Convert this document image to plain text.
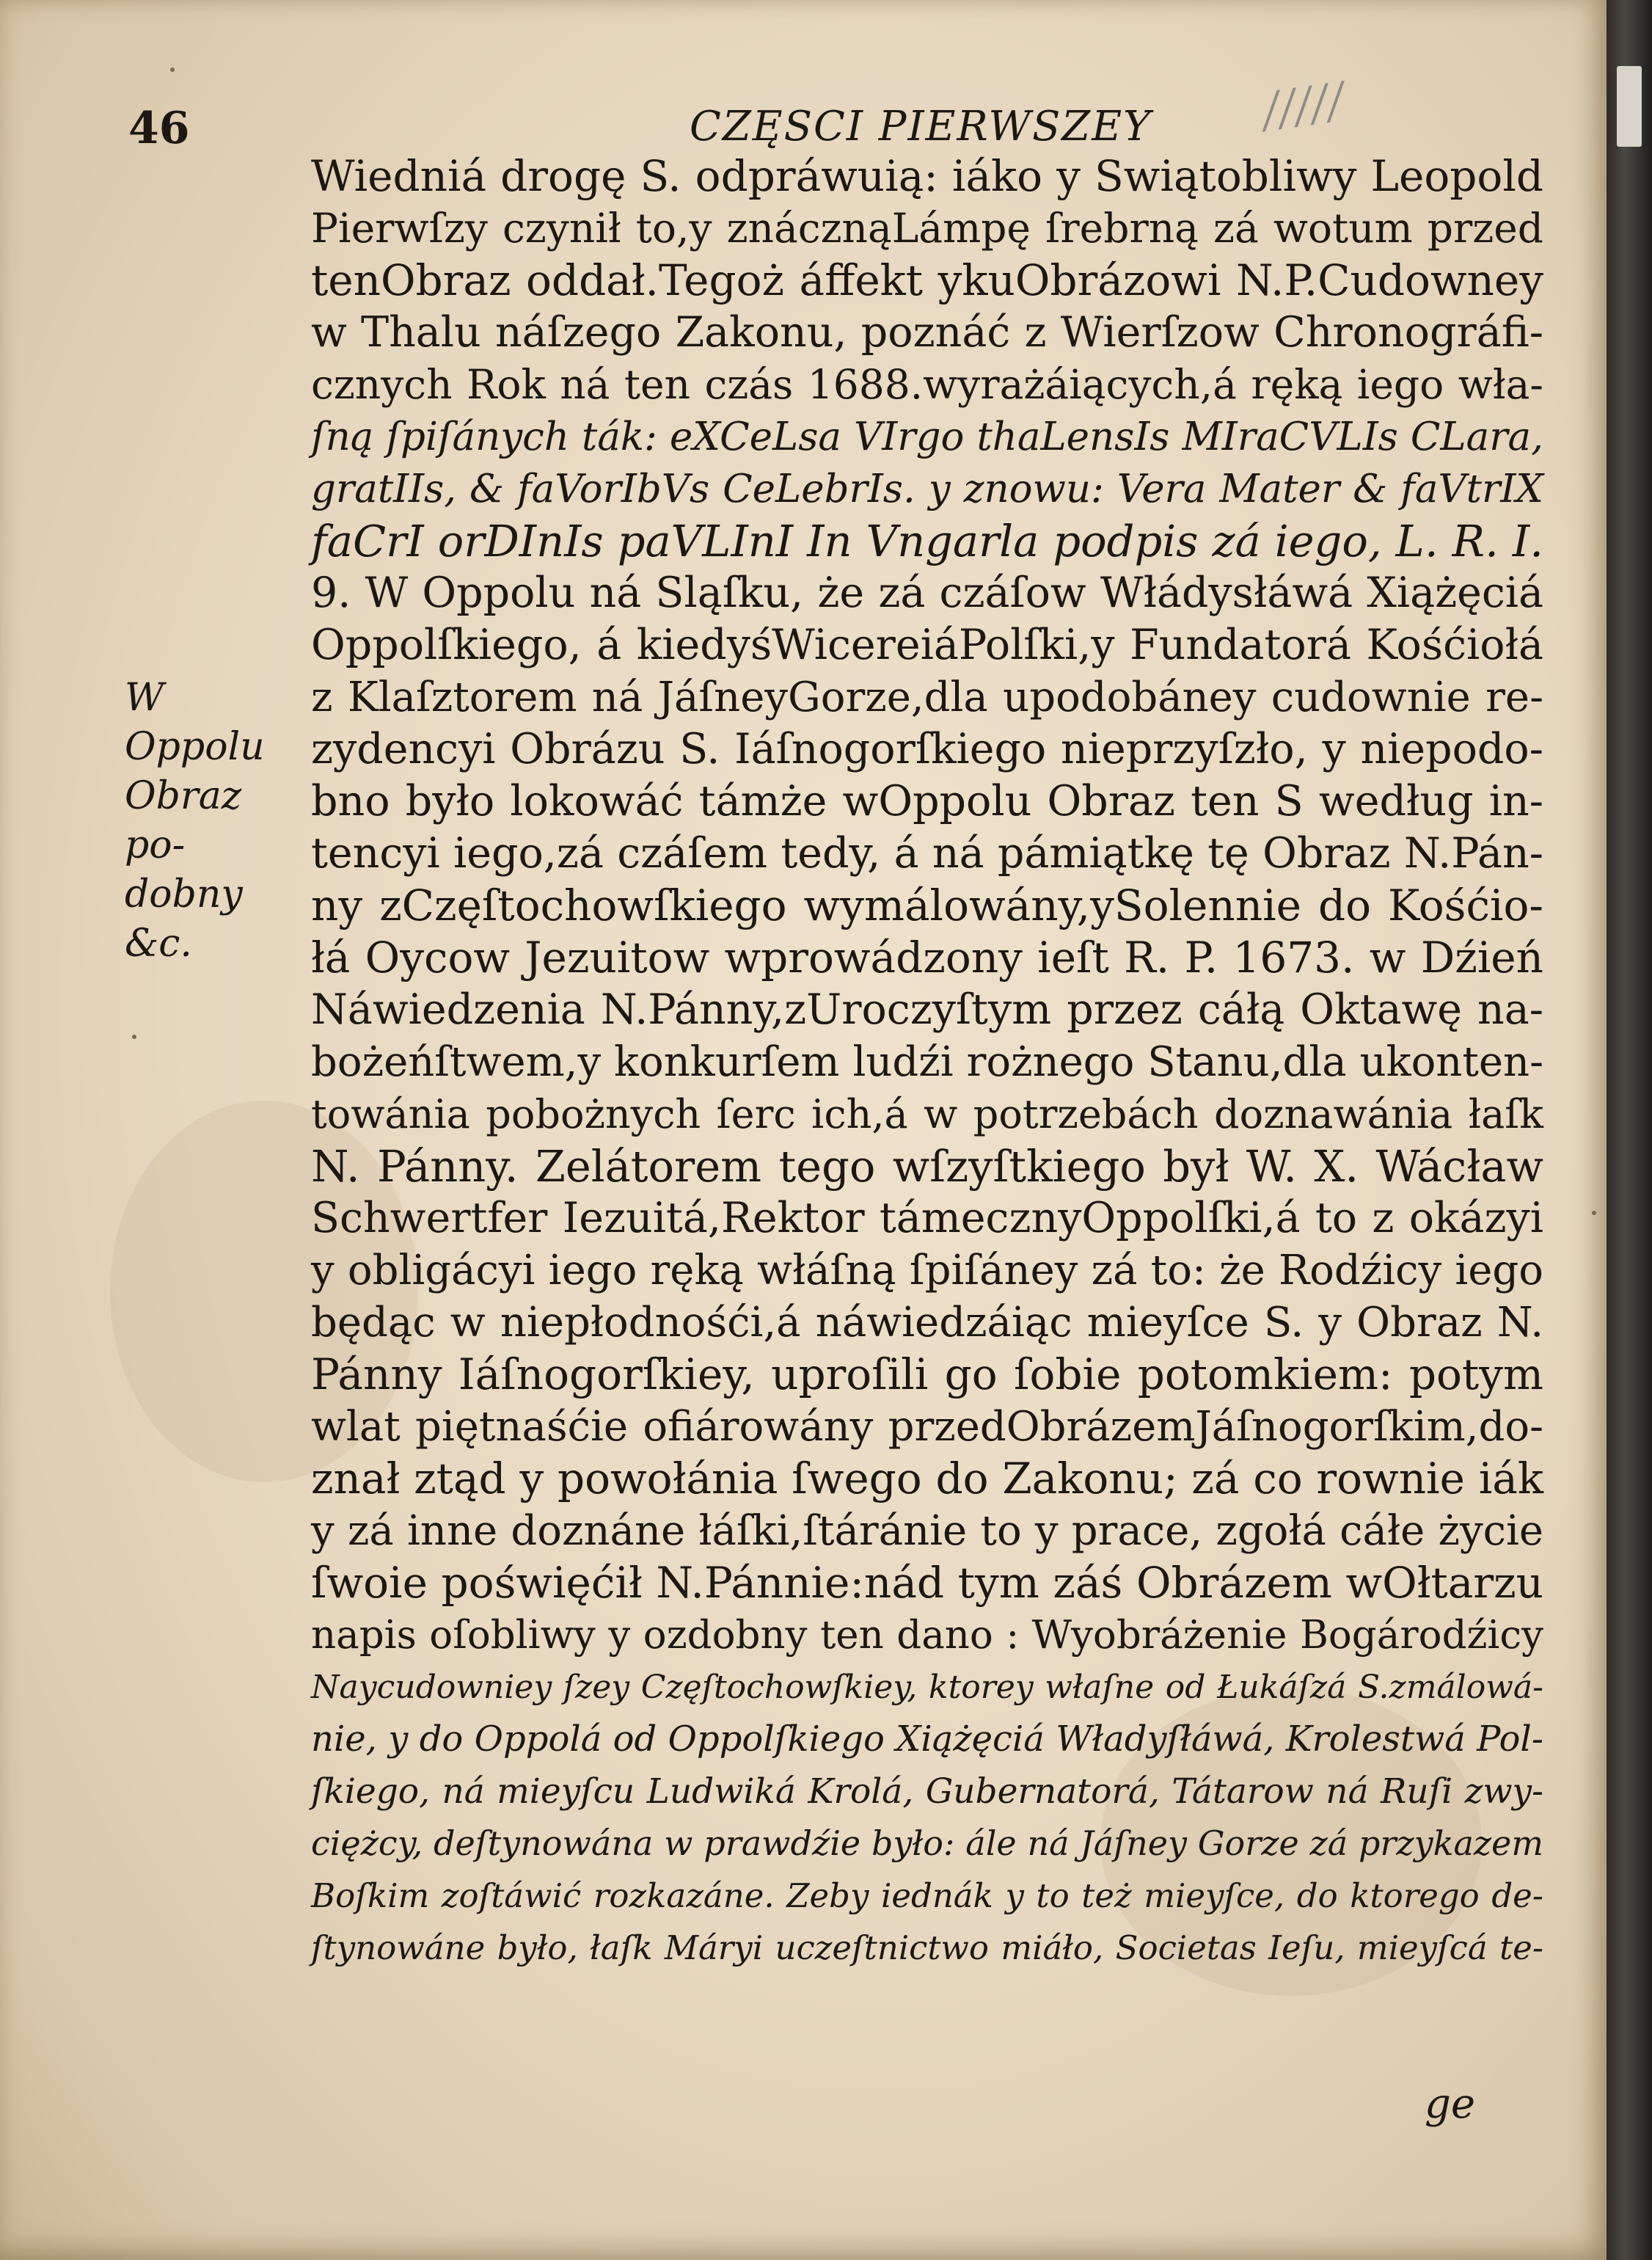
46	CZĘSCI PIERWSZEY /////
W Oppolu
Obraz po-
dobny &c.
Wiedniá drogę S. odpráwuią: iáko y Swiątobliwy Leopold
Pierwſzy czynił to,y znácznąLámpę ſrebrną zá wotum przed
tenObraz oddał.Tegoż áffekt ykuObrázowi N.P.Cudowney
w Thalu náſzego Zakonu, poznáć z Wierſzow Chronográfi-
cznych Rok ná ten czás 1688.wyrażáiących,á ręką iego wła-
ſną ſpiſánych ták: eXCeLsa VIrgo thaLensIs MIraCVLIs CLara,
gratIIs, & faVorIbVs CeLebrIs. y znowu: Vera Mater & faVtrIX
faCrI orDInIs paVLInI In Vngarla podpis zá iego, L. R. I.
9. W Oppolu ná Sląſku, że zá czáſow Włádysłáwá Xiążęciá
Oppolſkiego, á kiedyśWicereiáPolſki,y Fundatorá Kośćiołá
z Klaſztorem ná JáſneyGorze,dla upodobáney cudownie re-
zydencyi Obrázu S. Iáſnogorſkiego nieprzyſzło, y niepodo-
bno było lokowáć támże wOppolu Obraz ten S według in-
tencyi iego,zá czáſem tedy, á ná pámiątkę tę Obraz N.Pán-
ny zCzęſtochowſkiego wymálowány,ySolennie do Kośćio-
łá Oycow Jezuitow wprowádzony ieſt R. P. 1673. w Dźień
Náwiedzenia N.Pánny,zUroczyſtym przez cáłą Oktawę na-
bożeńſtwem,y konkurſem ludźi rożnego Stanu,dla ukonten-
towánia pobożnych ſerc ich,á w potrzebách doznawánia łaſk
N. Pánny. Zelátorem tego wſzyſtkiego był W. X. Wácław
Schwertfer Iezuitá,Rektor támecznyOppolſki,á to z okázyi
y obligácyi iego ręką włáſną ſpiſáney zá to: że Rodźicy iego
będąc w niepłodnośći,á náwiedzáiąc mieyſce S. y Obraz N.
Pánny Iáſnogorſkiey, uproſili go ſobie potomkiem: potym
wlat piętnaśćie ofiárowány przedObrázemJáſnogorſkim,do-
znał ztąd y powołánia ſwego do Zakonu; zá co rownie iák
y zá inne doznáne łáſki,ſtáránie to y prace, zgołá cáłe życie
ſwoie poświęćił N.Pánnie:nád tym záś Obrázem wOłtarzu
napis oſobliwy y ozdobny ten dano : Wyobráżenie Bogárodźicy
Naycudowniey ſzey Częſtochowſkiey, ktorey właſne od Łukáſzá S.zmálowá-
nie, y do Oppolá od Oppolſkiego Xiążęciá Władyſłáwá, Krolestwá Pol-
ſkiego, ná mieyſcu Ludwiká Krolá, Gubernatorá, Tátarow ná Ruſi zwy-
ciężcy, deſtynowána w prawdźie było: ále ná Jáſney Gorze zá przykazem
Boſkim zoſtáwić rozkazáne. Zeby iednák y to też mieyſce, do ktorego de-
ſtynowáne było, łaſk Máryi uczeſtnictwo miáło, Societas Ieſu, mieyſcá te-
ge
